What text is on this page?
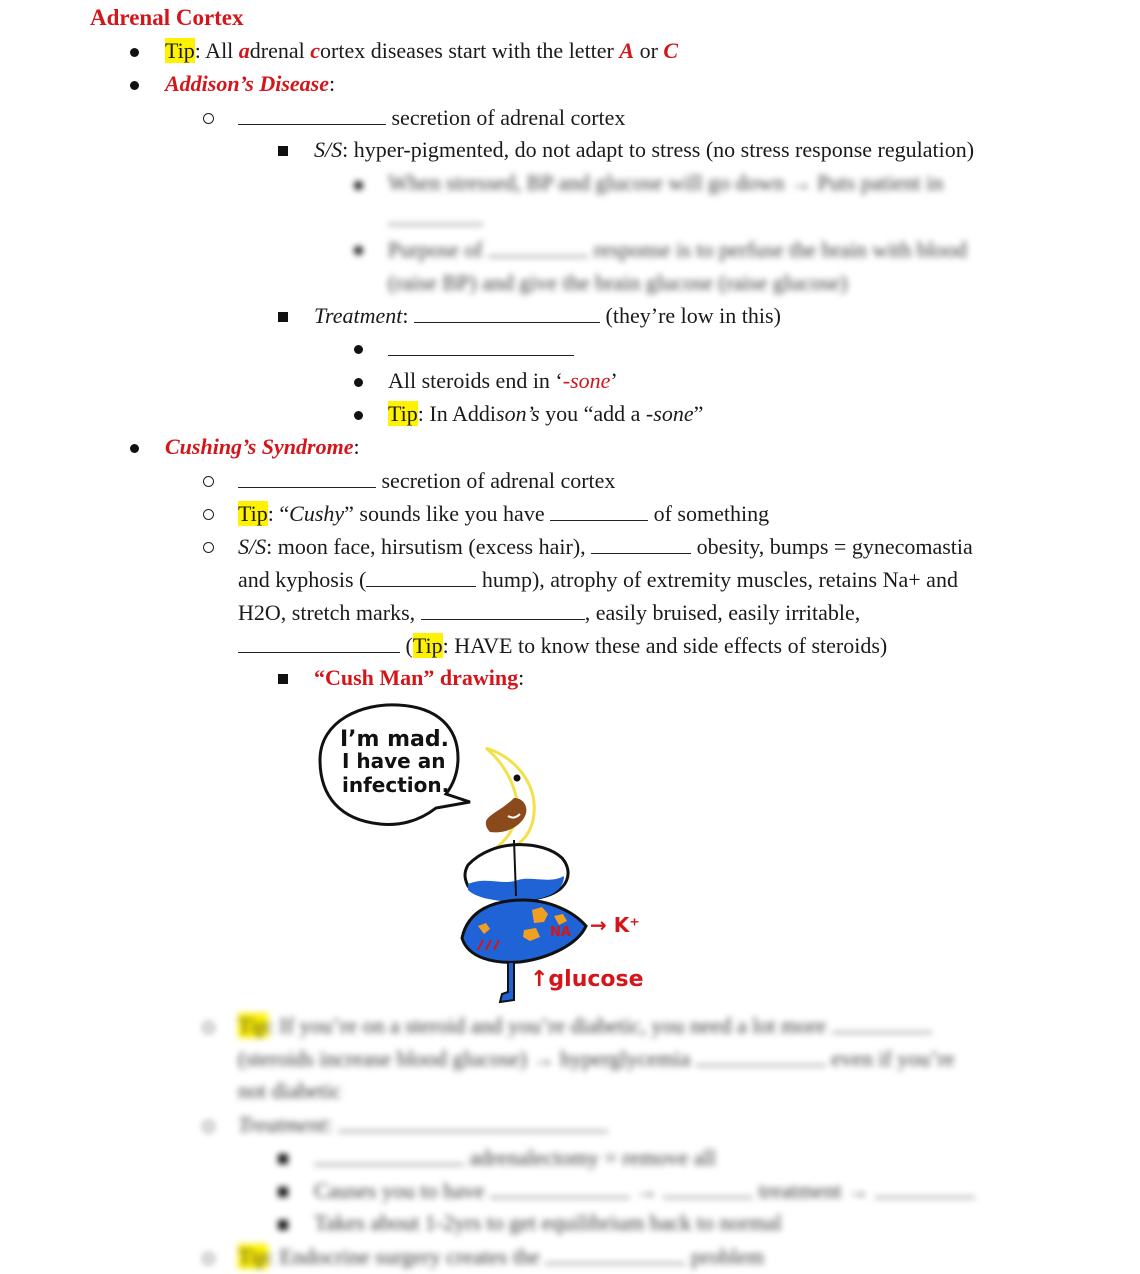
Adrenal Cortex
Tip: All adrenal cortex diseases start with the letter A or C
Addison’s Disease:
secretion of adrenal cortex
S/S: hyper-pigmented, do not adapt to stress (no stress response regulation)
When stressed, BP and glucose will go down → Puts patient in
Purpose of	response is to perfuse the brain with blood
(raise BP) and give the brain glucose (raise glucose)
Treatment:	(they’re low in this)
All steroids end in ‘-sone’
Tip: In Addison’s you “add a -sone”
Cushing’s Syndrome:
secretion of adrenal cortex
Tip: “Cushy” sounds like you have	of something
S/S: moon face, hirsutism (excess hair),	obesity, bumps = gynecomastia
and kyphosis (	hump), atrophy of extremity muscles, retains Na+ and
H2O, stretch marks,	, easily bruised, easily irritable,
(Tip: HAVE to know these and side effects of steroids)
“Cush Man” drawing:
I’m mad.
I have an
infection.
NA → K⁺
↑glucose
Tip: If you’re on a steroid and you’re diabetic, you need a lot more
(steroids increase blood glucose) → hyperglycemia	even if you’re
not diabetic
Treatment:
adrenalectomy = remove all
Causes you to have	→	treatment →
Takes about 1-2yrs to get equilibrium back to normal
Tip: Endocrine surgery creates the	problem
